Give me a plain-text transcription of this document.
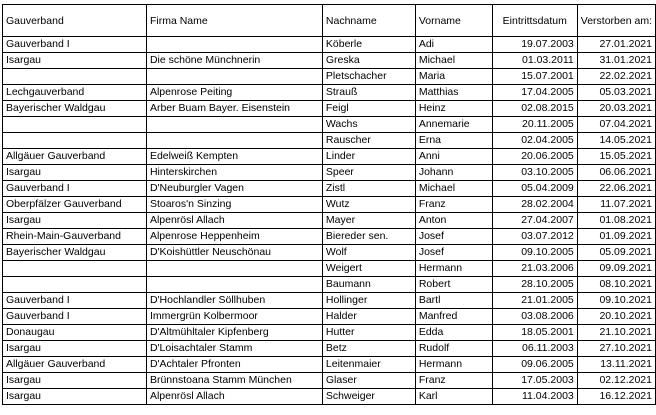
Gauverband	Firma Name	Nachname	Vorname	Eintrittsdatum	Verstorben am:
Gauverband I		Köberle	Adi	19.07.2003	27.01.2021
Isargau	Die schöne Münchnerin	Greska	Michael	01.03.2011	31.01.2021
		Pletschacher	Maria	15.07.2001	22.02.2021
Lechgauverband	Alpenrose Peiting	Strauß	Matthias	17.04.2005	05.03.2021
Bayerischer Waldgau	Arber Buam Bayer. Eisenstein	Feigl	Heinz	02.08.2015	20.03.2021
		Wachs	Annemarie	20.11.2005	07.04.2021
		Rauscher	Erna	02.04.2005	14.05.2021
Allgäuer Gauverband	Edelweiß Kempten	Linder	Anni	20.06.2005	15.05.2021
Isargau	Hinterskirchen	Speer	Johann	03.10.2005	06.06.2021
Gauverband I	D'Neuburgler Vagen	Zistl	Michael	05.04.2009	22.06.2021
Oberpfälzer Gauverband	Stoaros'n Sinzing	Wutz	Franz	28.02.2004	11.07.2021
Isargau	Alpenrösl Allach	Mayer	Anton	27.04.2007	01.08.2021
Rhein-Main-Gauverband	Alpenrose Heppenheim	Biereder sen.	Josef	03.07.2012	01.09.2021
Bayerischer Waldgau	D'Koishüttler Neuschönau	Wolf	Josef	09.10.2005	05.09.2021
		Weigert	Hermann	21.03.2006	09.09.2021
		Baumann	Robert	28.10.2005	08.10.2021
Gauverband I	D'Hochlandler Söllhuben	Hollinger	Bartl	21.01.2005	09.10.2021
Gauverband I	Immergrün Kolbermoor	Halder	Manfred	03.08.2006	20.10.2021
Donaugau	D'Altmühltaler Kipfenberg	Hutter	Edda	18.05.2001	21.10.2021
Isargau	D'Loisachtaler Stamm	Betz	Rudolf	06.11.2003	27.10.2021
Allgäuer Gauverband	D'Achtaler Pfronten	Leitenmaier	Hermann	09.06.2005	13.11.2021
Isargau	Brünnstoana Stamm München	Glaser	Franz	17.05.2003	02.12.2021
Isargau	Alpenrösl Allach	Schweiger	Karl	11.04.2003	16.12.2021
